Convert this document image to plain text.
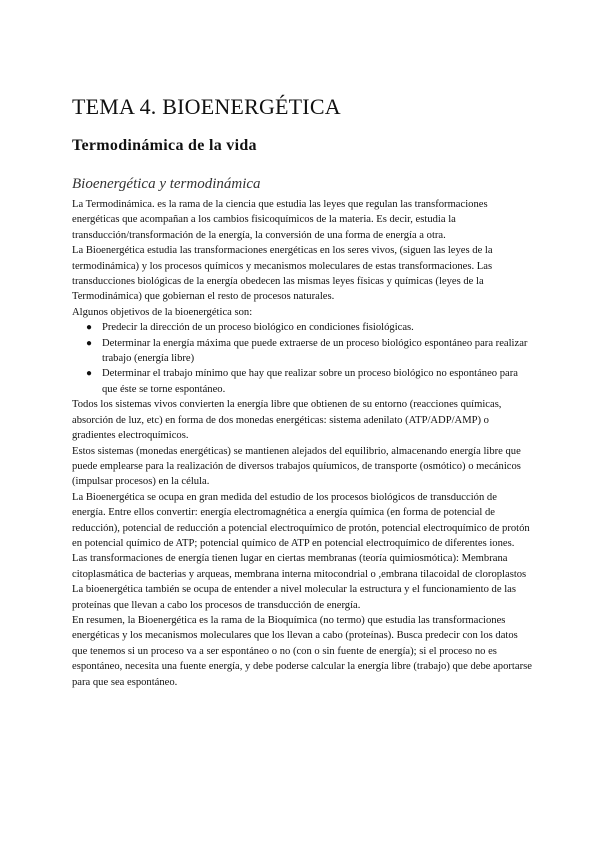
TEMA 4. BIOENERGÉTICA
Termodinámica de la vida
Bioenergética y termodinámica

La Termodinámica. es la rama de la ciencia que estudia las leyes que regulan las transformaciones energéticas que acompañan a los cambios fisicoquímicos de la materia. Es decir, estudia la transducción/transformación de la energía, la conversión de una forma de energía a otra.

La Bioenergética estudia las transformaciones energéticas en los seres vivos, (siguen las leyes de la termodinámica) y los procesos químicos y mecanismos moleculares de estas transformaciones. Las transducciones biológicas de la energía obedecen las mismas leyes físicas y químicas (leyes de la Termodinámica) que gobiernan el resto de procesos naturales.

Algunos objetivos de la bioenergética son:

● Predecir la dirección de un proceso biológico en condiciones fisiológicas.
● Determinar la energía máxima que puede extraerse de un proceso biológico espontáneo para realizar trabajo (energía libre)
● Determinar el trabajo mínimo que hay que realizar sobre un proceso biológico no espontáneo para que éste se torne espontáneo.

Todos los sistemas vivos convierten la energía libre que obtienen de su entorno (reacciones químicas, absorción de luz, etc) en forma de dos monedas energéticas: sistema adenilato (ATP/ADP/AMP) o gradientes electroquímicos.

Estos sistemas (monedas energéticas) se mantienen alejados del equilibrio, almacenando energía libre que puede emplearse para la realización de diversos trabajos quíumicos, de transporte (osmótico) o mecánicos (impulsar procesos) en la célula.

La Bioenergética se ocupa en gran medida del estudio de los procesos biológicos de transducción de energía. Entre ellos convertir: energía electromagnética a energía química (en forma de potencial de reducción), potencial de reducción a potencial electroquímico de protón, potencial electroquímico de protón en potencial químico de ATP; potencial químico de ATP en potencial electroquímico de diferentes iones.

Las transformaciones de energía tienen lugar en ciertas membranas (teoría quimiosmótica): Membrana citoplasmática de bacterias y arqueas, membrana interna mitocondrial o ,embrana tilacoidal de cloroplastos

La bioenergética también se ocupa de entender a nivel molecular la estructura y el funcionamiento de las proteínas que llevan a cabo los procesos de transducción de energía.

En resumen, la Bioenergética es la rama de la Bioquímica (no termo) que estudia las transformaciones energéticas y los mecanismos moleculares que los llevan a cabo (proteínas). Busca predecir con los datos que tenemos si un proceso va a ser espontáneo o no (con o sin fuente de energía); si el proceso no es espontáneo, necesita una fuente energía, y debe poderse calcular la energía libre (trabajo) que debe aportarse para que sea espontáneo.
